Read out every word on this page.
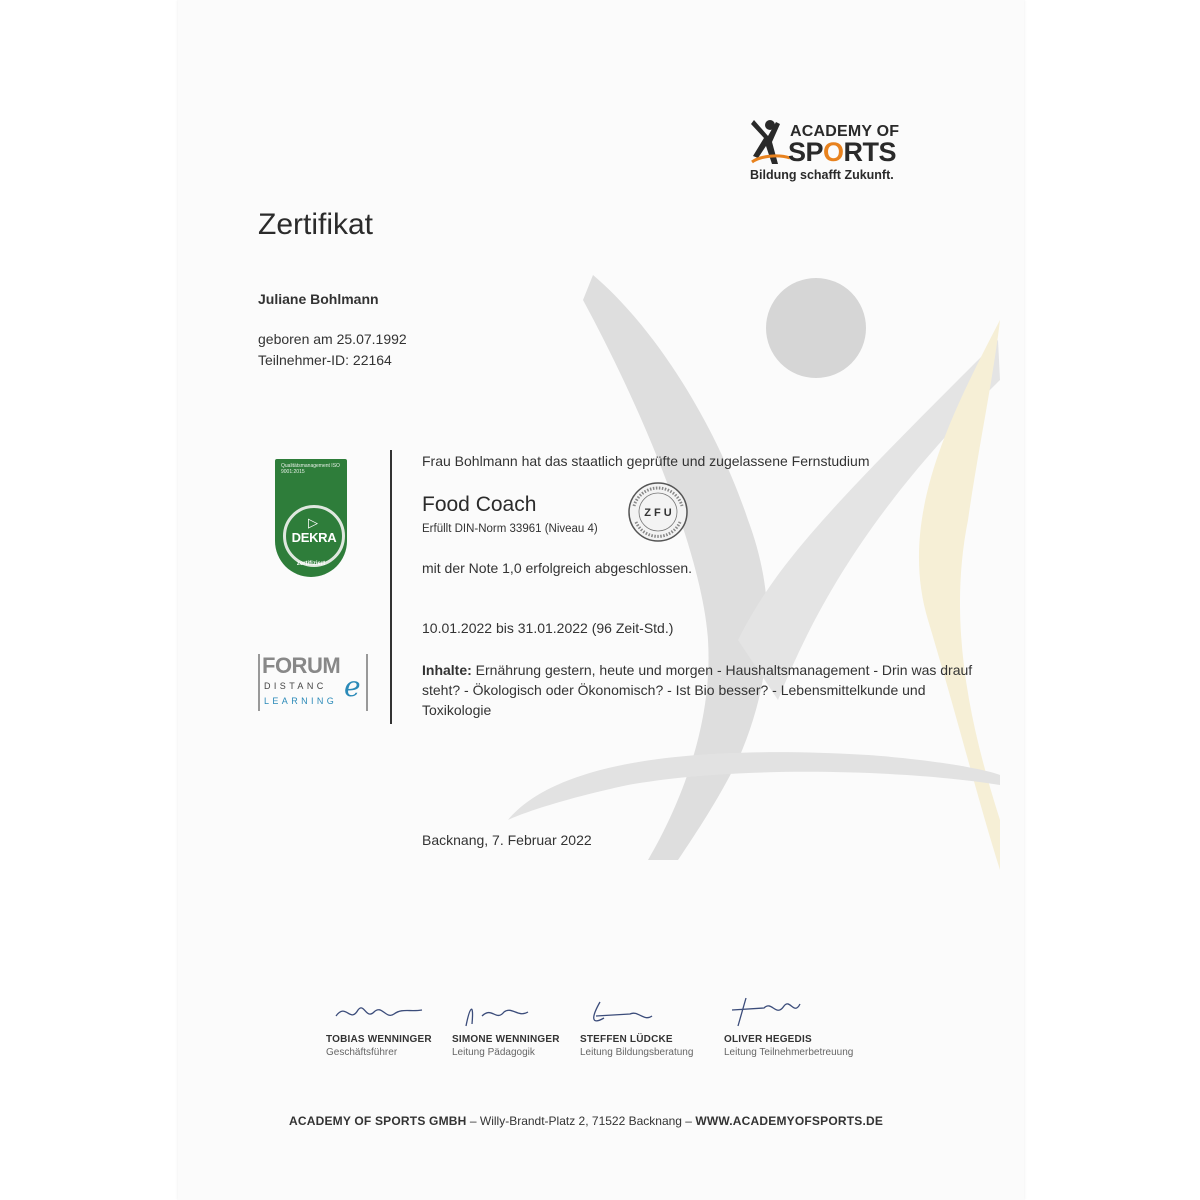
ACADEMY OF
SPORTS
Bildung schafft Zukunft.
Zertifikat
Juliane Bohlmann
geboren am 25.07.1992
Teilnehmer-ID: 22164
Qualitätsmanagement ISO 9001:2015
▷
DEKRA
zertifiziert
FORUM
DISTANC e
LEARNING
Frau Bohlmann hat das staatlich geprüfte und zugelassene Fernstudium
Food Coach
Erfüllt DIN-Norm 33961 (Niveau 4)
Z F U
mit der Note 1,0 erfolgreich abgeschlossen.
10.01.2022 bis 31.01.2022 (96 Zeit-Std.)
Inhalte: Ernährung gestern, heute und morgen - Haushaltsmanagement - Drin was drauf steht? - Ökologisch oder Ökonomisch? - Ist Bio besser? - Lebensmittelkunde und Toxikologie
Backnang, 7. Februar 2022
TOBIAS WENNINGER
Geschäftsführer
SIMONE WENNINGER
Leitung Pädagogik
STEFFEN LÜDCKE
Leitung Bildungsberatung
OLIVER HEGEDIS
Leitung Teilnehmerbetreuung
ACADEMY OF SPORTS GMBH – Willy-Brandt-Platz 2, 71522 Backnang – WWW.ACADEMYOFSPORTS.DE
